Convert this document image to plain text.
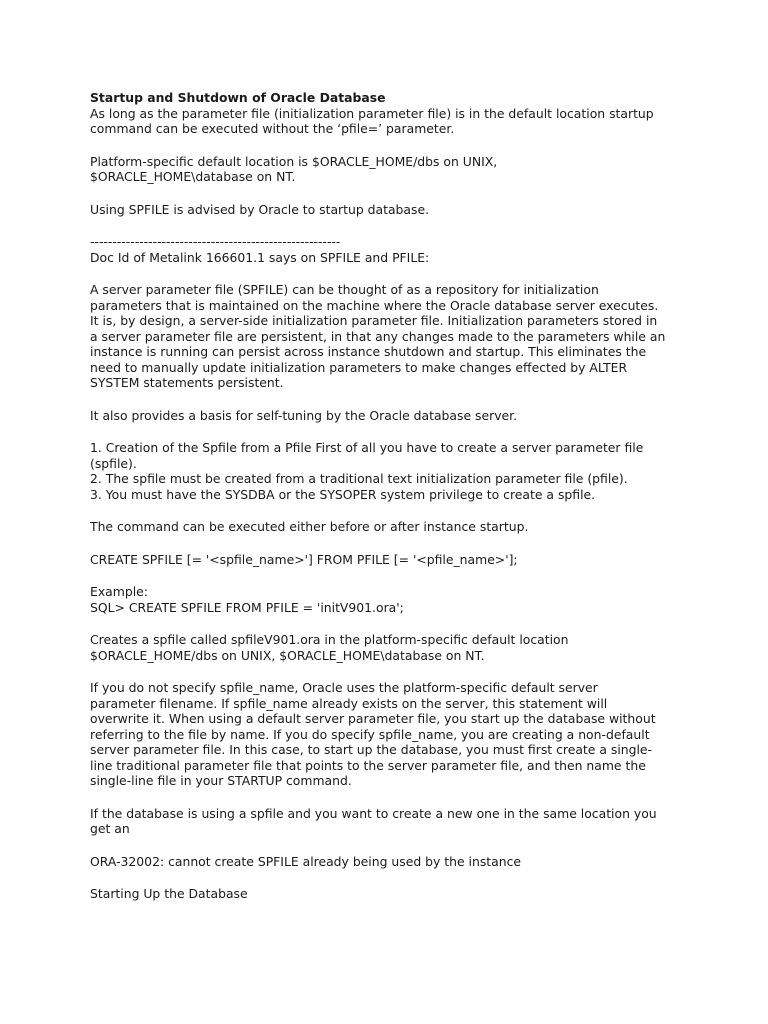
Startup and Shutdown of Oracle Database
As long as the parameter file (initialization parameter file) is in the default location startup
command can be executed without the ‘pfile=’ parameter.
Platform-specific default location is $ORACLE_HOME/dbs on UNIX,
$ORACLE_HOME\database on NT.
Using SPFILE is advised by Oracle to startup database.
--------------------------------------------------------
Doc Id of Metalink 166601.1 says on SPFILE and PFILE:
A server parameter file (SPFILE) can be thought of as a repository for initialization
parameters that is maintained on the machine where the Oracle database server executes.
It is, by design, a server-side initialization parameter file. Initialization parameters stored in
a server parameter file are persistent, in that any changes made to the parameters while an
instance is running can persist across instance shutdown and startup. This eliminates the
need to manually update initialization parameters to make changes effected by ALTER
SYSTEM statements persistent.
It also provides a basis for self-tuning by the Oracle database server.
1. Creation of the Spfile from a Pfile First of all you have to create a server parameter file
(spfile).
2. The spfile must be created from a traditional text initialization parameter file (pfile).
3. You must have the SYSDBA or the SYSOPER system privilege to create a spfile.
The command can be executed either before or after instance startup.
CREATE SPFILE [= '<spfile_name>'] FROM PFILE [= '<pfile_name>'];
Example:
SQL> CREATE SPFILE FROM PFILE = 'initV901.ora';
Creates a spfile called spfileV901.ora in the platform-specific default location
$ORACLE_HOME/dbs on UNIX, $ORACLE_HOME\database on NT.
If you do not specify spfile_name, Oracle uses the platform-specific default server
parameter filename. If spfile_name already exists on the server, this statement will
overwrite it. When using a default server parameter file, you start up the database without
referring to the file by name. If you do specify spfile_name, you are creating a non-default
server parameter file. In this case, to start up the database, you must first create a single-
line traditional parameter file that points to the server parameter file, and then name the
single-line file in your STARTUP command.
If the database is using a spfile and you want to create a new one in the same location you
get an
ORA-32002: cannot create SPFILE already being used by the instance
Starting Up the Database
